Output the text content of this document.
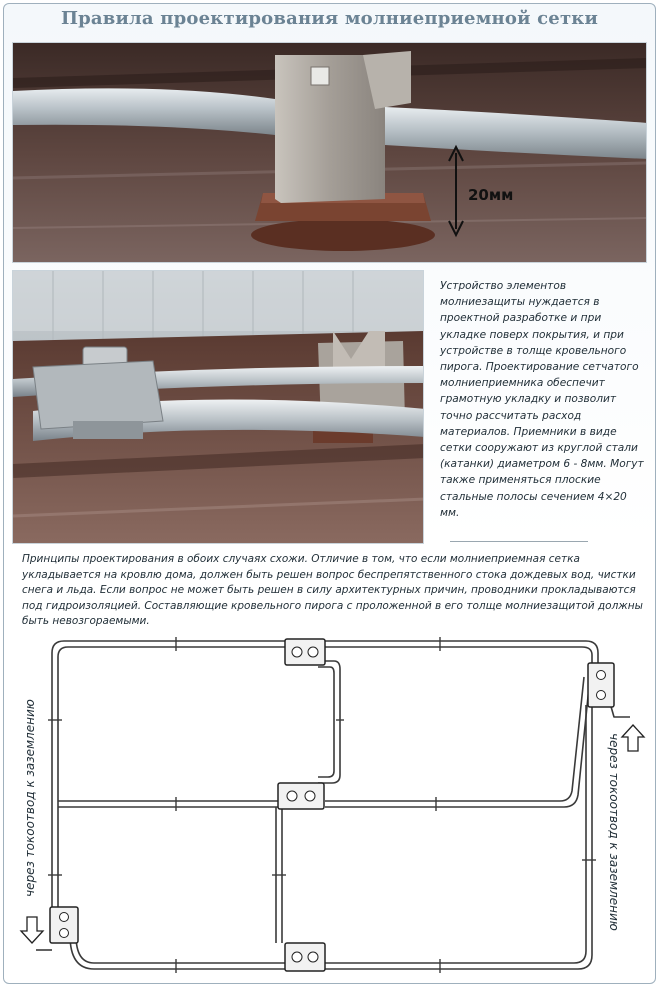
Правила проектирования молниеприемной сетки
20мм

Устройство элементов молниезащиты нуждается в проектной разработке и при укладке поверх покрытия, и при устройстве в толще кровельного пирога. Проектирование сетчатого молниеприемника обеспечит грамотную укладку и позволит точно рассчитать расход материалов. Приемники в виде сетки сооружают из круглой стали (катанки) диаметром 6 - 8мм. Могут также применяться плоские стальные полосы сечением 4×20 мм.

Принципы проектирования в обоих случаях схожи. Отличие в том, что если молниеприемная сетка укладывается на кровлю дома, должен быть решен вопрос беспрепятственного стока дождевых вод, чистки снега и льда. Если вопрос не может быть решен в силу архитектурных причин, проводники прокладываются под гидроизоляцией. Составляющие кровельного пирога с проложенной в его толще молниезащитой должны быть невозгораемыми.

через токоотвод к заземлению	через токоотвод к заземлению
